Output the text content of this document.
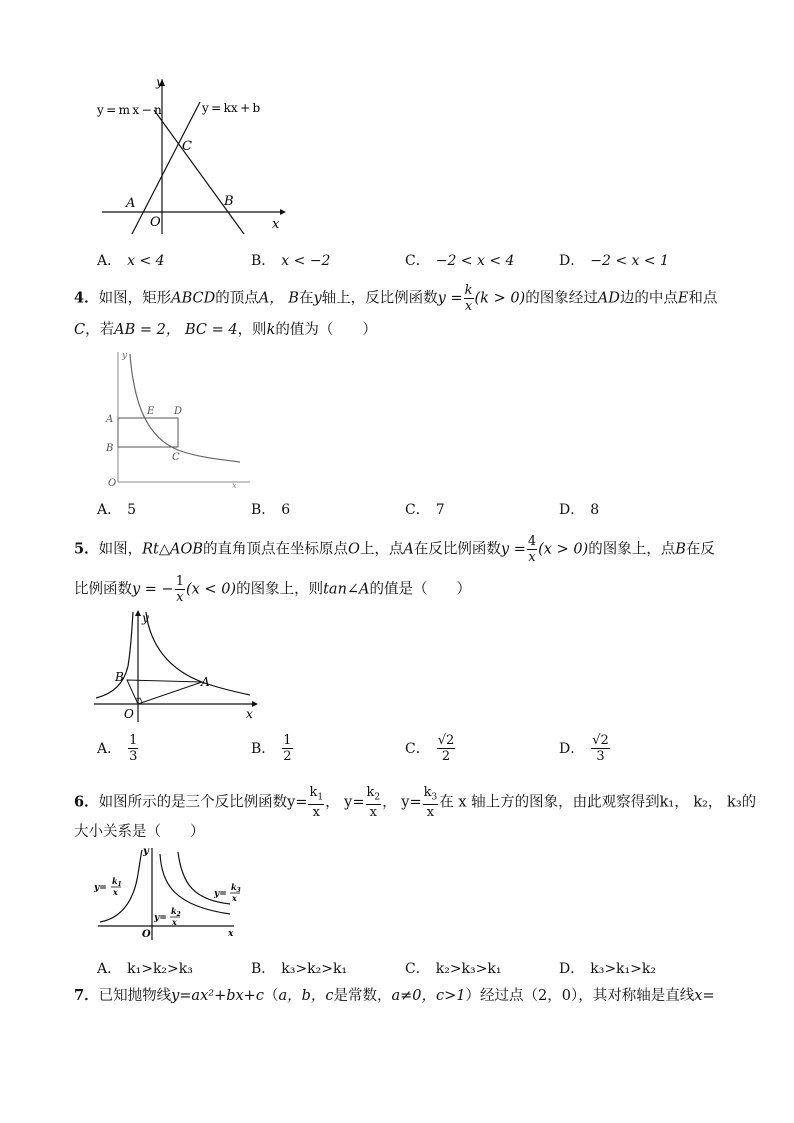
y = m x − n	y = kx + b
y
x
C
A	B
O
A． x < 4	B． x < −2	C． −2 < x < 4	D． −2 < x < 1
4．如图，矩形ABCD的顶点A， B在y轴上，反比例函数$y = \frac{k}{x} (k > 0)$的图象经过AD边的中点E和点
C，若AB = 2， BC = 4，则k的值为（　　）
y
A
E D
B
C
O	x
A． 5	B． 6	C． 7	D． 8
5．如图，Rt△AOB的直角顶点在坐标原点O上，点A在反比例函数$y = \frac{4}{x} (x > 0)$的图象上，点B在反
比例函数y = − $\frac{1}{x} (x < 0)$的图象上，则tan∠A的值是（　　）
y
B	A
O	x
A． $\frac{1}{3}$	B． $\frac{1}{2}$	C． $\frac{√2}{2}$	D． $\frac{√2}{3}$
6．如图所示的是三个反比例函数$y= \frac{k_1}{x}$ ， $y= \frac{k_2}{x}$ ， $y= \frac{k_3}{x}$ 在 x 轴上方的图象，由此观察得到k₁， k₂， k₃的
大小关系是（　　）
y
y=
$k_1$
x
y=
$k_2$
x
y=
$k_3$
x
O	x
A． k₁>k₂>k₃	B． k₃>k₂>k₁	C． k₂>k₃>k₁	D． k₃>k₁>k₂
7．已知抛物线y=ax²+bx+c（a，b，c是常数，a≠0，c>1）经过点（2，0），其对称轴是直线x=
